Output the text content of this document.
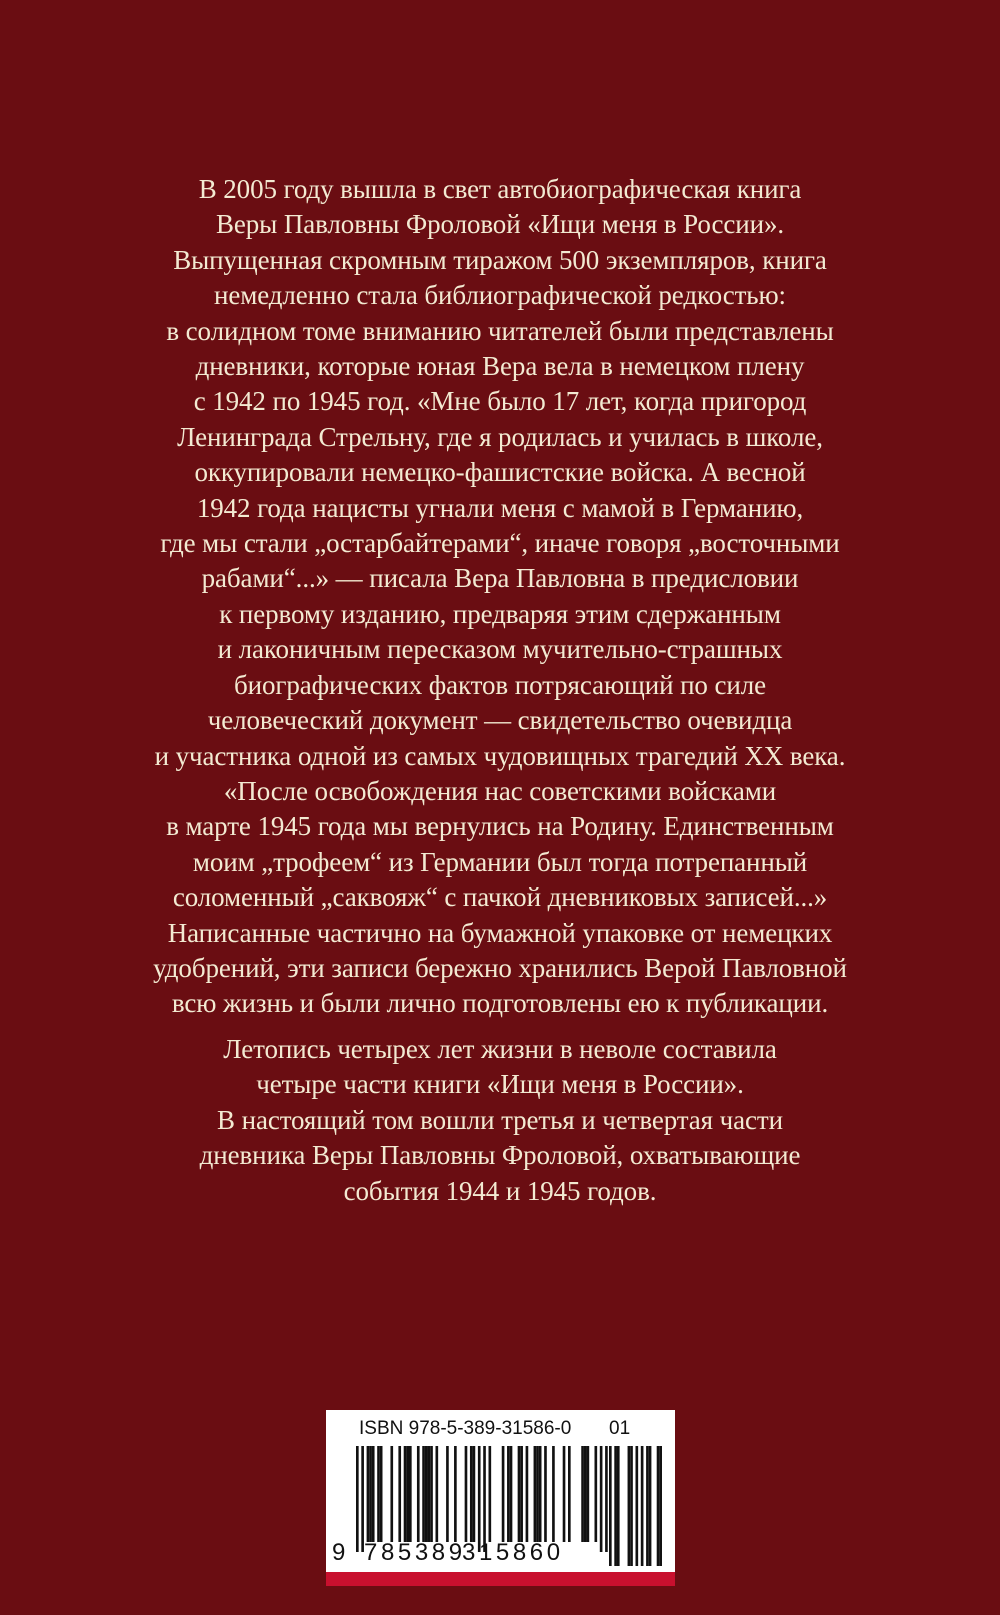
В 2005 году вышла в свет автобиографическая книга
Веры Павловны Фроловой «Ищи меня в России».
Выпущенная скромным тиражом 500 экземпляров, книга
немедленно стала библиографической редкостью:
в солидном томе вниманию читателей были представлены
дневники, которые юная Вера вела в немецком плену
с 1942 по 1945 год. «Мне было 17 лет, когда пригород
Ленинграда Стрельну, где я родилась и училась в школе,
оккупировали немецко-фашистские войска. А весной
1942 года нацисты угнали меня с мамой в Германию,
где мы стали „остарбайтерами“, иначе говоря „восточными
рабами“...» — писала Вера Павловна в предисловии
к первому изданию, предваряя этим сдержанным
и лаконичным пересказом мучительно-страшных
биографических фактов потрясающий по силе
человеческий документ — свидетельство очевидца
и участника одной из самых чудовищных трагедий XX века.
«После освобождения нас советскими войсками
в марте 1945 года мы вернулись на Родину. Единственным
моим „трофеем“ из Германии был тогда потрепанный
соломенный „саквояж“ с пачкой дневниковых записей...»
Написанные частично на бумажной упаковке от немецких
удобрений, эти записи бережно хранились Верой Павловной
всю жизнь и были лично подготовлены ею к публикации.
Летопись четырех лет жизни в неволе составила
четыре части книги «Ищи меня в России».
В настоящий том вошли третья и четвертая части
дневника Веры Павловны Фроловой, охватывающие
события 1944 и 1945 годов.
ISBN 978-5-389-31586-0 01
9 785389
315860
